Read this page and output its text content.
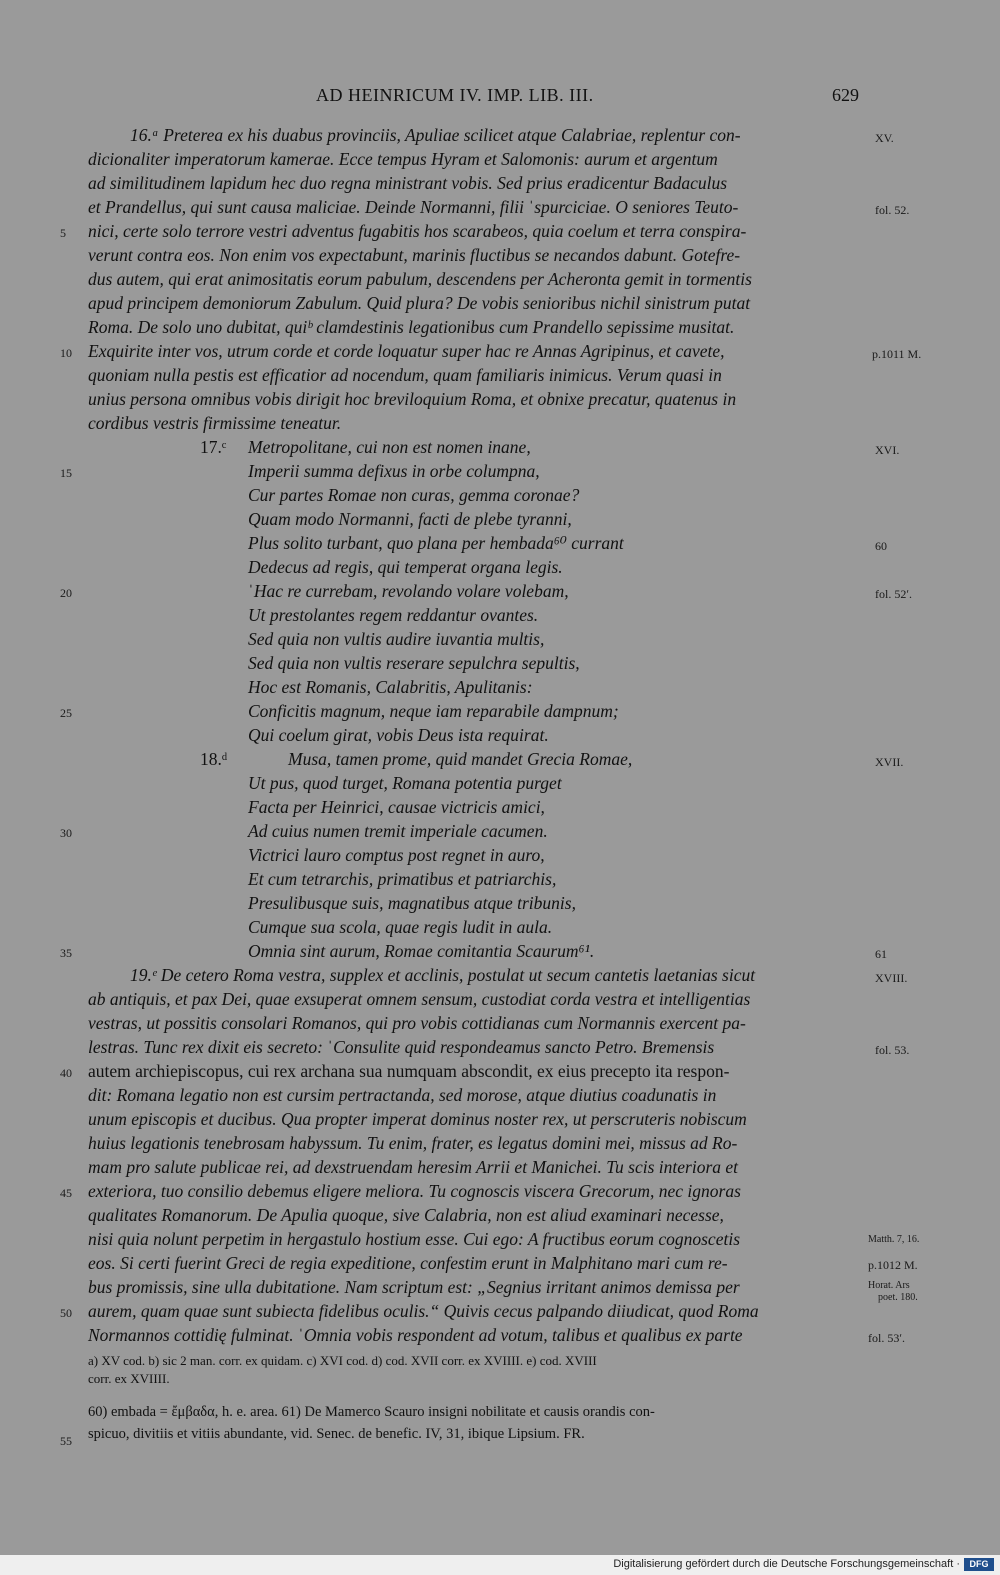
AD HEINRICUM IV. IMP. LIB. III.	629
16.ᵃ Preterea ex his duabus provinciis, Apuliae scilicet atque Calabriae, replentur con-
dicionaliter imperatorum kamerae. Ecce tempus Hyram et Salomonis: aurum et argentum
ad similitudinem lapidum hec duo regna ministrant vobis. Sed prius eradicentur Badaculus
et Prandellus, qui sunt causa maliciae. Deinde Normanni, filii ˈspurciciae. O seniores Teuto-
nici, certe solo terrore vestri adventus fugabitis hos scarabeos, quia coelum et terra conspira-
verunt contra eos. Non enim vos expectabunt, marinis fluctibus se necandos dabunt. Gotefre-
dus autem, qui erat animositatis eorum pabulum, descendens per Acheronta gemit in tormentis
apud principem demoniorum Zabulum. Quid plura? De vobis senioribus nichil sinistrum putat
Roma. De solo uno dubitat, quiᵇ clamdestinis legationibus cum Prandello sepissime musitat.
Exquirite inter vos, utrum corde et corde loquatur super hac re Annas Agripinus, et cavete,
quoniam nulla pestis est efficatior ad nocendum, quam familiaris inimicus. Verum quasi in
unius persona omnibus vobis dirigit hoc breviloquium Roma, et obnixe precatur, quatenus in
cordibus vestris firmissime teneatur.
17.ᶜ Metropolitane, cui non est nomen inane,
Imperii summa defixus in orbe columpna,
Cur partes Romae non curas, gemma coronae?
Quam modo Normanni, facti de plebe tyranni,
Plus solito turbant, quo plana per hembada⁶⁰ currant
Dedecus ad regis, qui temperat organa legis.
ˈHac re currebam, revolando volare volebam,
Ut prestolantes regem reddantur ovantes.
Sed quia non vultis audire iuvantia multis,
Sed quia non vultis reserare sepulchra sepultis,
Hoc est Romanis, Calabritis, Apulitanis:
Conficitis magnum, neque iam reparabile dampnum;
Qui coelum girat, vobis Deus ista requirat.
18.ᵈ	Musa, tamen prome, quid mandet Grecia Romae,
Ut pus, quod turget, Romana potentia purget
Facta per Heinrici, causae victricis amici,
Ad cuius numen tremit imperiale cacumen.
Victrici lauro comptus post regnet in auro,
Et cum tetrarchis, primatibus et patriarchis,
Presulibusque suis, magnatibus atque tribunis,
Cumque sua scola, quae regis ludit in aula.
Omnia sint aurum, Romae comitantia Scaurum⁶¹.
19.ᵉ De cetero Roma vestra, supplex et acclinis, postulat ut secum cantetis laetanias sicut
ab antiquis, et pax Dei, quae exsuperat omnem sensum, custodiat corda vestra et intelligentias
vestras, ut possitis consolari Romanos, qui pro vobis cottidianas cum Normannis exercent pa-
lestras. Tunc rex dixit eis secreto: ˈConsulite quid respondeamus sancto Petro. Bremensis
autem archiepiscopus, cui rex archana sua numquam abscondit, ex eius precepto ita respon-
dit: Romana legatio non est cursim pertractanda, sed morose, atque diutius coadunatis in
unum episcopis et ducibus. Qua propter imperat dominus noster rex, ut perscruteris nobiscum
huius legationis tenebrosam habyssum. Tu enim, frater, es legatus domini mei, missus ad Ro-
mam pro salute publicae rei, ad dexstruendam heresim Arrii et Manichei. Tu scis interiora et
exteriora, tuo consilio debemus eligere meliora. Tu cognoscis viscera Grecorum, nec ignoras
qualitates Romanorum. De Apulia quoque, sive Calabria, non est aliud examinari necesse,
nisi quia nolunt perpetim in hergastulo hostium esse. Cui ego: A fructibus eorum cognoscetis
eos. Si certi fuerint Greci de regia expeditione, confestim erunt in Malphitano mari cum re-
bus promissis, sine ulla dubitatione. Nam scriptum est: „Segnius irritant animos demissa per
aurem, quam quae sunt subiecta fidelibus oculis.“ Quivis cecus palpando diiudicat, quod Roma
Normannos cottidię fulminat. ˈOmnia vobis respondent ad votum, talibus et qualibus ex parte
5
10
15
20
25
30
35
40
45
50
55
XV.
fol. 52.
p.1011 M.
XVI.
60
fol. 52ʹ.
XVII.
61
XVIII.
fol. 53.
Matth. 7, 16.
p.1012 M.
Horat. Ars
poet. 180.
fol. 53ʹ.
a) XV cod. b) sic 2 man. corr. ex quidam. c) XVI cod. d) cod. XVII corr. ex XVIIII. e) cod. XVIII
corr. ex XVIIII.
60) embada = ἔμβαδα, h. e. area. 61) De Mamerco Scauro insigni nobilitate et causis orandis con-
spicuo, divitiis et vitiis abundante, vid. Senec. de benefic. IV, 31, ibique Lipsium. FR.
Digitalisierung gefördert durch die Deutsche Forschungsgemeinschaft ·	DFG
